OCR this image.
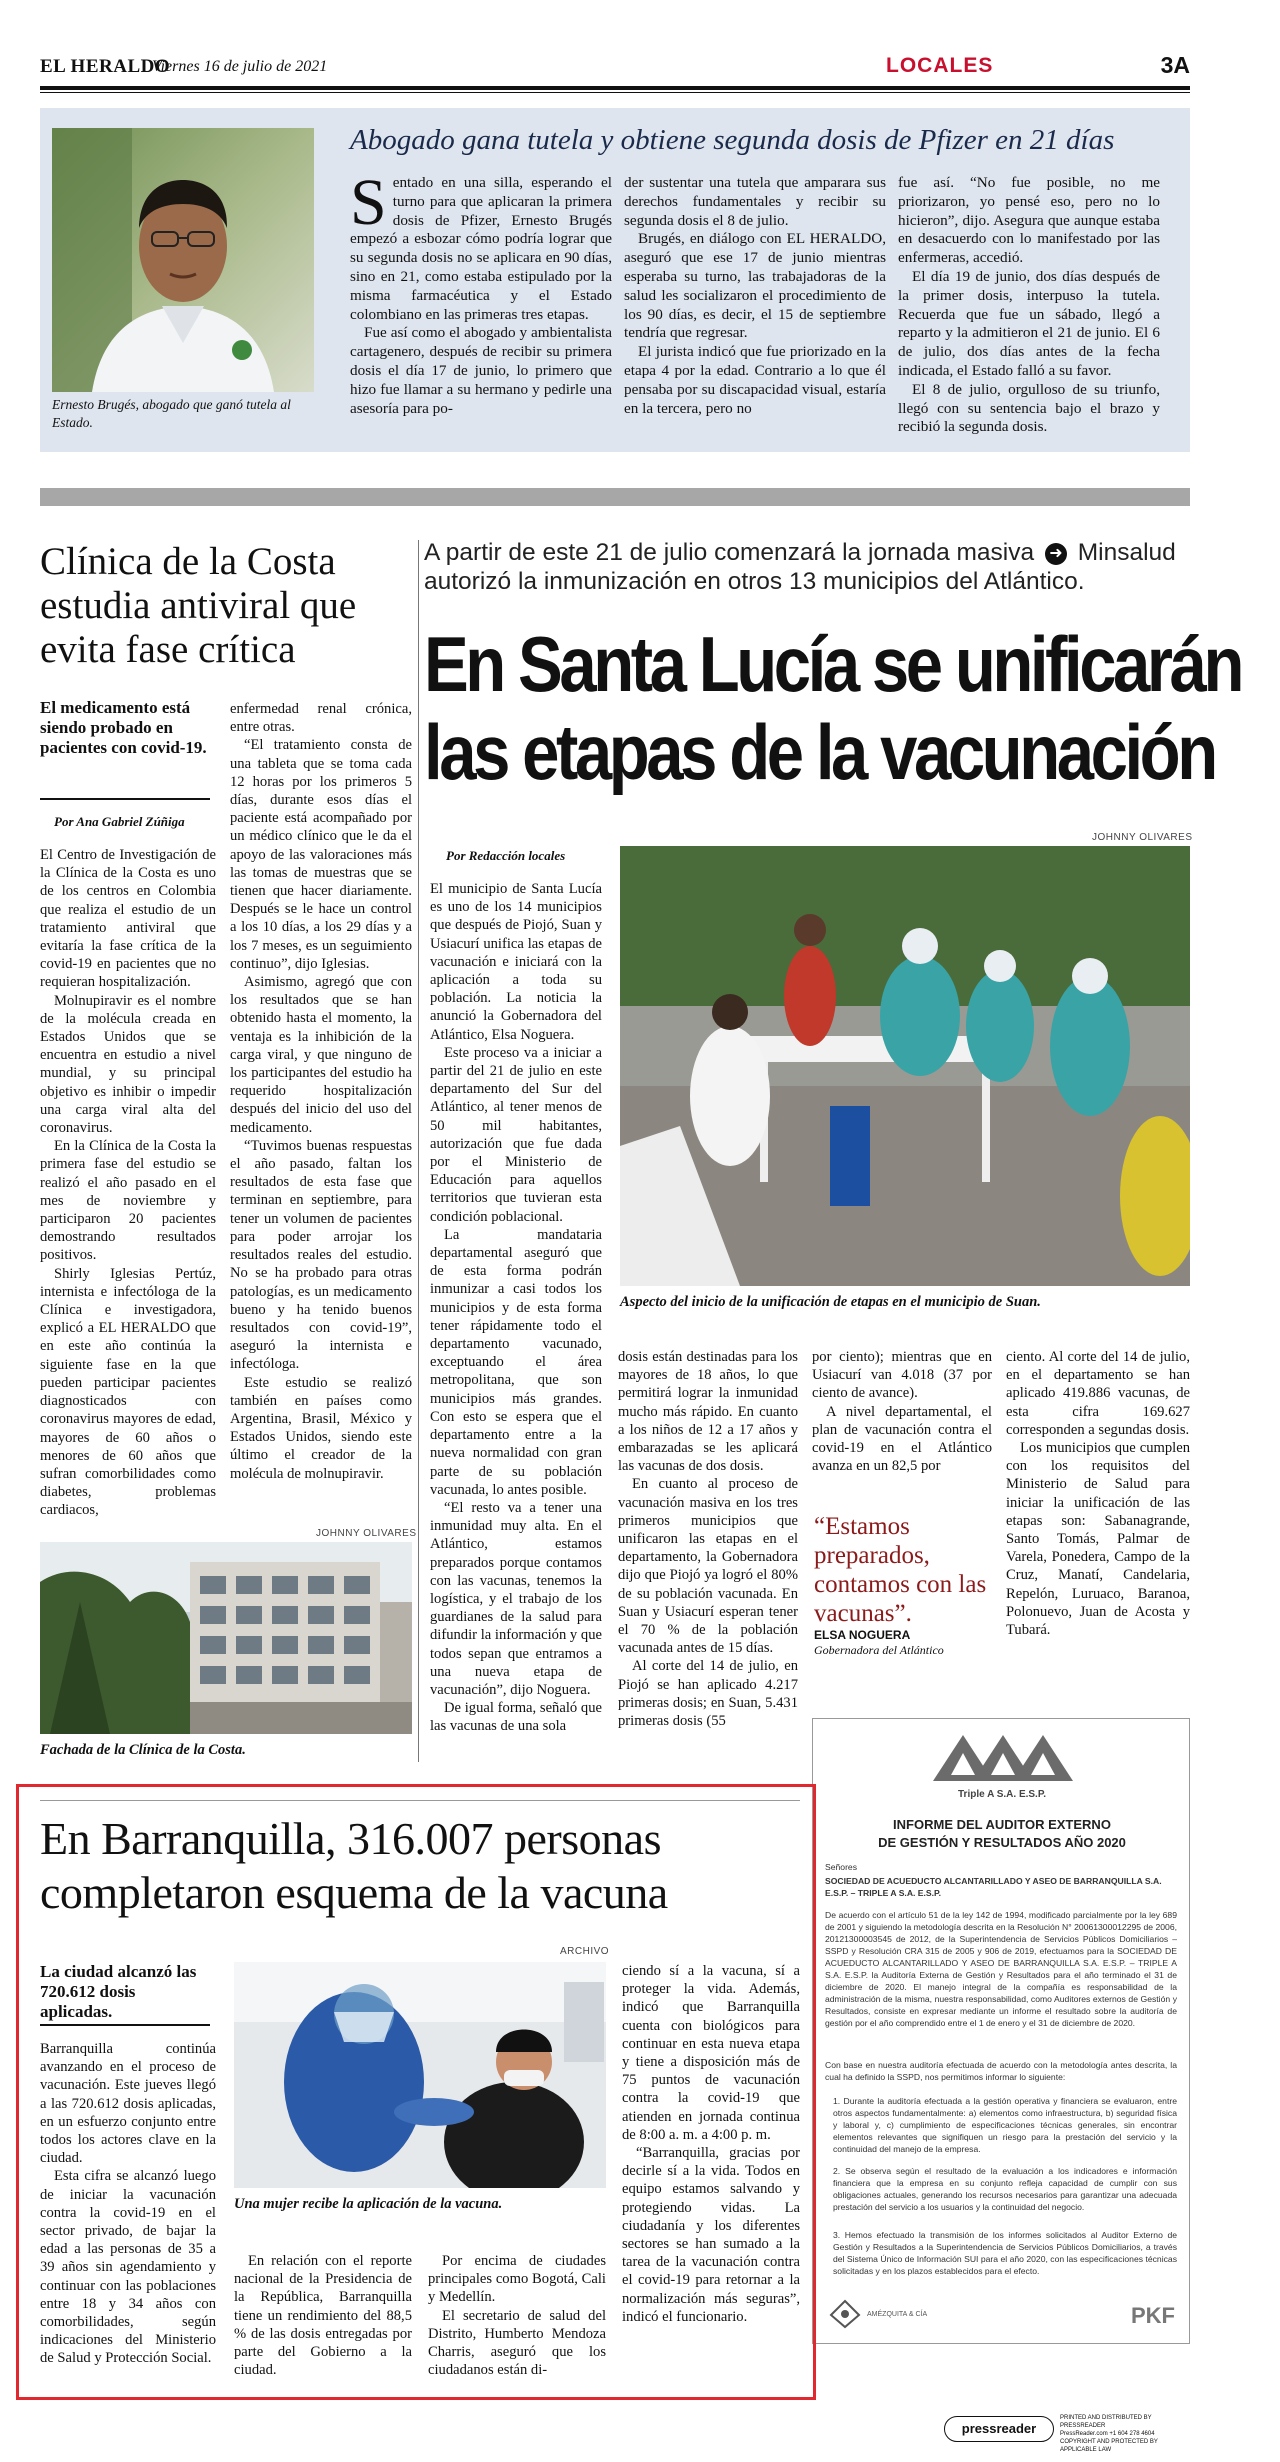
EL HERALDO
Viernes 16 de julio de 2021	LOCALES	3A
Ernesto Brugés, abogado que ganó tutela al Estado.
Abogado gana tutela y obtiene segunda dosis de Pfizer en 21 días
S entado en una silla, esperando el turno para que aplicaran la primera dosis de Pfizer, Ernesto Brugés empezó a esbozar cómo podría lograr que su segunda dosis no se aplicara en 90 días, sino en 21, como estaba estipulado por la misma farmacéutica y el Estado colombiano en las primeras tres etapas.

Fue así como el abogado y ambientalista cartagenero, después de recibir su primera dosis el día 17 de junio, lo primero que hizo fue llamar a su hermano y pedirle una asesoría para po-

der sustentar una tutela que amparara sus derechos fundamentales y recibir su segunda dosis el 8 de julio.

Brugés, en diálogo con EL HERALDO, aseguró que ese 17 de junio mientras esperaba su turno, las trabajadoras de la salud les socializaron el procedimiento de los 90 días, es decir, el 15 de septiembre tendría que regresar.

El jurista indicó que fue priorizado en la etapa 4 por la edad. Contrario a lo que él pensaba por su discapacidad visual, estaría en la tercera, pero no

fue así. “No fue posible, no me priorizaron, yo pensé eso, pero no lo hicieron”, dijo. Asegura que aunque estaba en desacuerdo con lo manifestado por las enfermeras, accedió.

El día 19 de junio, dos días después de la primer dosis, interpuso la tutela. Recuerda que fue un sábado, llegó a reparto y la admitieron el 21 de junio. El 6 de julio, dos días antes de la fecha indicada, el Estado falló a su favor.

El 8 de julio, orgulloso de su triunfo, llegó con su sentencia bajo el brazo y recibió la segunda dosis.

Clínica de la Costa estudia antiviral que evita fase crítica
El medicamento está siendo probado en pacientes con covid-19.
Por Ana Gabriel Zúñiga

El Centro de Investigación de la Clínica de la Costa es uno de los centros en Colombia que realiza el estudio de un tratamiento antiviral que evitaría la fase crítica de la covid-19 en pacientes que no requieran hospitalización.

Molnupiravir es el nombre de la molécula creada en Estados Unidos que se encuentra en estudio a nivel mundial, y su principal objetivo es inhibir o impedir una carga viral alta del coronavirus.

En la Clínica de la Costa la primera fase del estudio se realizó el año pasado en el mes de noviembre y participaron 20 pacientes demostrando resultados positivos.

Shirly Iglesias Pertúz, internista e infectóloga de la Clínica e investigadora, explicó a EL HERALDO que en este año continúa la siguiente fase en la que pueden participar pacientes diagnosticados con coronavirus mayores de edad, mayores de 60 años o menores de 60 años que sufran comorbilidades como diabetes, problemas cardiacos,

enfermedad renal crónica, entre otras.

“El tratamiento consta de una tableta que se toma cada 12 horas por los primeros 5 días, durante esos días el paciente está acompañado por un médico clínico que le da el apoyo de las valoraciones más las tomas de muestras que se tienen que hacer diariamente. Después se le hace un control a los 10 días, a los 29 días y a los 7 meses, es un seguimiento continuo”, dijo Iglesias.

Asimismo, agregó que con los resultados que se han obtenido hasta el momento, la ventaja es la inhibición de la carga viral, y que ninguno de los participantes del estudio ha requerido hospitalización después del inicio del uso del medicamento.

“Tuvimos buenas respuestas el año pasado, faltan los resultados de esta fase que terminan en septiembre, para tener un volumen de pacientes para poder arrojar los resultados reales del estudio. No se ha probado para otras patologías, es un medicamento bueno y ha tenido buenos resultados con covid-19”, aseguró la internista e infectóloga.

Este estudio se realizó también en países como Argentina, Brasil, México y Estados Unidos, siendo este último el creador de la molécula de molnupiravir.

JOHNNY OLIVARES
Fachada de la Clínica de la Costa.
A partir de este 21 de julio comenzará la jornada masiva ➜ Minsalud autorizó la inmunización en otros 13 municipios del Atlántico.
En Santa Lucía se unificarán
las etapas de la vacunación
Por Redacción locales

El municipio de Santa Lucía es uno de los 14 municipios que después de Piojó, Suan y Usiacurí unifica las etapas de vacunación e iniciará con la aplicación a toda su población. La noticia la anunció la Gobernadora del Atlántico, Elsa Noguera.

Este proceso va a iniciar a partir del 21 de julio en este departamento del Sur del Atlántico, al tener menos de 50 mil habitantes, autorización que fue dada por el Ministerio de Educación para aquellos territorios que tuvieran esta condición poblacional.

La mandataria departamental aseguró que de esta forma podrán inmunizar a casi todos los municipios y de esta forma tener rápidamente todo el departamento vacunado, exceptuando el área metropolitana, que son municipios más grandes. Con esto se espera que el departamento entre a la nueva normalidad con gran parte de su población vacunada, lo antes posible.

“El resto va a tener una inmunidad muy alta. En el Atlántico, estamos preparados porque contamos con las vacunas, tenemos la logística, y el trabajo de los guardianes de la salud para difundir la información y que todos sepan que entramos a una nueva etapa de vacunación”, dijo Noguera.

De igual forma, señaló que las vacunas de una sola

JOHNNY OLIVARES
Aspecto del inicio de la unificación de etapas en el municipio de Suan.

dosis están destinadas para los mayores de 18 años, lo que permitirá lograr la inmunidad mucho más rápido. En cuanto a los niños de 12 a 17 años y embarazadas se les aplicará las vacunas de dos dosis.

En cuanto al proceso de vacunación masiva en los tres primeros municipios que unificaron las etapas en el departamento, la Gobernadora dijo que Piojó ya logró el 80% de su población vacunada. En Suan y Usiacurí esperan tener el 70 % de la población vacunada antes de 15 días.

Al corte del 14 de julio, en Piojó se han aplicado 4.217 primeras dosis; en Suan, 5.431 primeras dosis (55

por ciento); mientras que en Usiacurí van 4.018 (37 por ciento de avance).

A nivel departamental, el plan de vacunación contra el covid-19 en el Atlántico avanza en un 82,5 por

“Estamos preparados, contamos con las vacunas”.
ELSA NOGUERA
Gobernadora del Atlántico

ciento. Al corte del 14 de julio, en el departamento se han aplicado 419.886 vacunas, de esta cifra 169.627 corresponden a segundas dosis.

Los municipios que cumplen con los requisitos del Ministerio de Salud para iniciar la unificación de las etapas son: Sabanagrande, Santo Tomás, Palmar de Varela, Ponedera, Campo de la Cruz, Manatí, Candelaria, Repelón, Luruaco, Baranoa, Polonuevo, Juan de Acosta y Tubará.

Triple A S.A. E.S.P.
INFORME DEL AUDITOR EXTERNO
DE GESTIÓN Y RESULTADOS AÑO 2020
Señores
SOCIEDAD DE ACUEDUCTO ALCANTARILLADO Y ASEO DE BARRANQUILLA S.A. E.S.P. – TRIPLE A S.A. E.S.P.
De acuerdo con el artículo 51 de la ley 142 de 1994, modificado parcialmente por la ley 689 de 2001 y siguiendo la metodología descrita en la Resolución N° 20061300012295 de 2006, 20121300003545 de 2012, de la Superintendencia de Servicios Públicos Domiciliarios – SSPD y Resolución CRA 315 de 2005 y 906 de 2019, efectuamos para la SOCIEDAD DE ACUEDUCTO ALCANTARILLADO Y ASEO DE BARRANQUILLA S.A. E.S.P. – TRIPLE A S.A. E.S.P. la Auditoría Externa de Gestión y Resultados para el año terminado el 31 de diciembre de 2020. El manejo integral de la compañía es responsabilidad de la administración de la misma, nuestra responsabilidad, como Auditores externos de Gestión y Resultados, consiste en expresar mediante un informe el resultado sobre la auditoría de gestión por el año comprendido entre el 1 de enero y el 31 de diciembre de 2020.
Con base en nuestra auditoría efectuada de acuerdo con la metodología antes descrita, la cual ha definido la SSPD, nos permitimos informar lo siguiente:
1. Durante la auditoría efectuada a la gestión operativa y financiera se evaluaron, entre otros aspectos fundamentalmente: a) elementos como infraestructura, b) seguridad física y laboral y, c) cumplimiento de especificaciones técnicas generales, sin encontrar elementos relevantes que signifiquen un riesgo para la prestación del servicio y la continuidad del manejo de la empresa.
2. Se observa según el resultado de la evaluación a los indicadores e información financiera que la empresa en su conjunto refleja capacidad de cumplir con sus obligaciones actuales, generando los recursos necesarios para garantizar una adecuada prestación del servicio a los usuarios y la continuidad del negocio.
3. Hemos efectuado la transmisión de los informes solicitados al Auditor Externo de Gestión y Resultados a la Superintendencia de Servicios Públicos Domiciliarios, a través del Sistema Único de Información SUI para el año 2020, con las especificaciones técnicas solicitadas y en los plazos establecidos para el efecto.
AMÉZQUITA & CÍA	PKF
En Barranquilla, 316.007 personas completaron esquema de la vacuna
La ciudad alcanzó las 720.612 dosis aplicadas.

Barranquilla continúa avanzando en el proceso de vacunación. Este jueves llegó a las 720.612 dosis aplicadas, en un esfuerzo conjunto entre todos los actores clave en la ciudad.

Esta cifra se alcanzó luego de iniciar la vacunación contra la covid-19 en el sector privado, de bajar la edad a las personas de 35 a 39 años sin agendamiento y continuar con las poblaciones entre 18 y 34 años con comorbilidades, según indicaciones del Ministerio de Salud y Protección Social.

ARCHIVO
Una mujer recibe la aplicación de la vacuna.

En relación con el reporte nacional de la Presidencia de la República, Barranquilla tiene un rendimiento del 88,5 % de las dosis entregadas por parte del Gobierno a la ciudad.

Por encima de ciudades principales como Bogotá, Cali y Medellín.

El secretario de salud del Distrito, Humberto Mendoza Charris, aseguró que los ciudadanos están di-

ciendo sí a la vacuna, sí a proteger la vida. Además, indicó que Barranquilla cuenta con biológicos para continuar en esta nueva etapa y tiene a disposición más de 75 puntos de vacunación contra la covid-19 que atienden en jornada continua de 8:00 a. m. a 4:00 p. m.

“Barranquilla, gracias por decirle sí a la vida. Todos en equipo estamos salvando y protegiendo vidas. La ciudadanía y los diferentes sectores se han sumado a la tarea de la vacunación contra el covid-19 para retornar a la normalización más seguras”, indicó el funcionario.

pressreader
PRINTED AND DISTRIBUTED BY PRESSREADER
PressReader.com +1 604 278 4604
COPYRIGHT AND PROTECTED BY APPLICABLE LAW
